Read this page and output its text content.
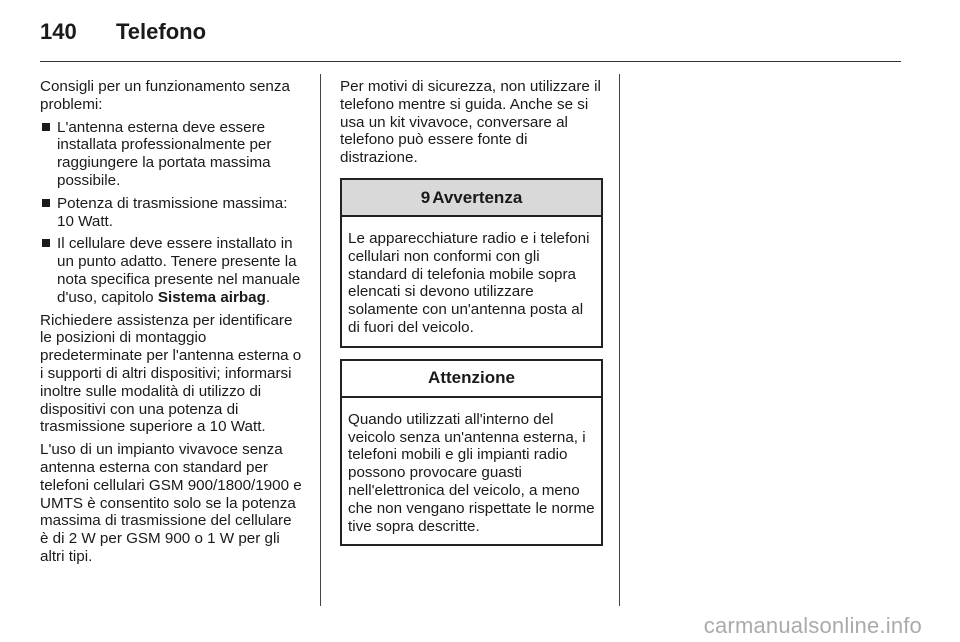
140 Telefono

Consigli per un funzionamento senza problemi:

L'antenna esterna deve essere installata professionalmente per raggiungere la portata massima possibile.
Potenza di trasmissione massima: 10 Watt.
Il cellulare deve essere installato in un punto adatto. Tenere presente la nota specifica presente nel manuale d'uso, capitolo Sistema airbag.

Richiedere assistenza per identificare le posizioni di montaggio predeterminate per l'antenna esterna o i supporti di altri dispositivi; informarsi inoltre sulle modalità di utilizzo di dispositivi con una potenza di trasmissione superiore a 10 Watt.

L'uso di un impianto vivavoce senza antenna esterna con standard per telefoni cellulari GSM 900/1800/1900 e UMTS è consentito solo se la potenza massima di trasmissione del cellulare è di 2 W per GSM 900 o 1 W per gli altri tipi.

Per motivi di sicurezza, non utilizzare il telefono mentre si guida. Anche se si usa un kit vivavoce, conversare al telefono può essere fonte di distrazione.

9 Avvertenza
Le apparecchiature radio e i telefoni cellulari non conformi con gli standard di telefonia mobile sopra elencati si devono utilizzare solamente con un'antenna posta al di fuori del veicolo.
Attenzione
Quando utilizzati all'interno del veicolo senza un'antenna esterna, i telefoni mobili e gli impianti radio possono provocare guasti nell'elettronica del veicolo, a meno che non vengano rispettate le norme tive sopra descritte.
carmanualsonline.info
